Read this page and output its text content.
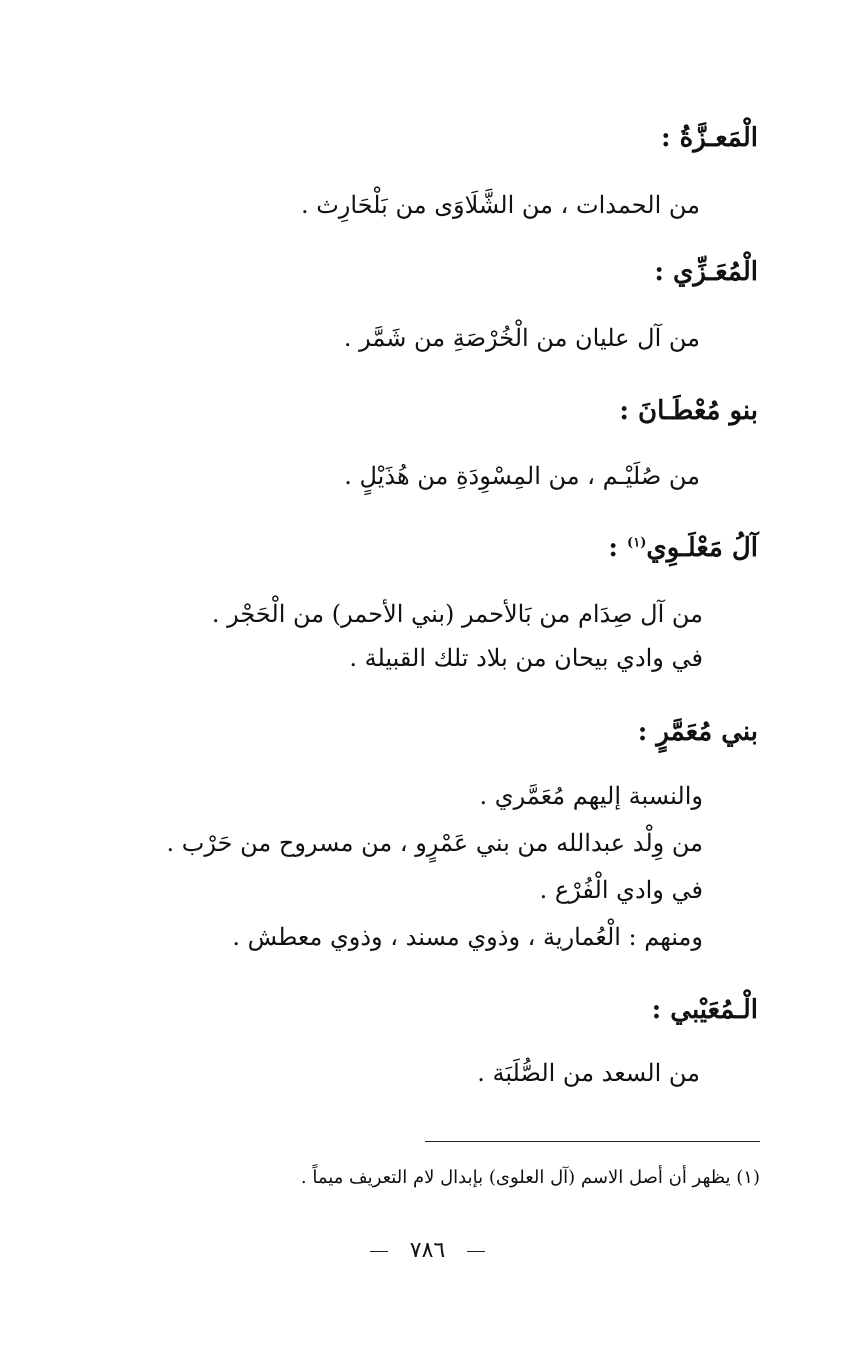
الْمَعـزَّةُ :
من الحمدات ، من الشَّلَاوَى من بَلْحَارِث .
الْمُعَـزِّي :
من آل عليان من الْخُرْصَةِ من شَمَّر .
بنو مُعْطَـانَ :
من صُلَيْـم ، من المِسْوِدَةِ من هُذَيْلٍ .
آلُ مَعْلَـوِي$^{(١)}$ :
من آل صِدَام من بَالأحمر (بني الأحمر) من الْحَجْر .
في وادي بيحان من بلاد تلك القبيلة .
بني مُعَمَّرٍ :
والنسبة إليهم مُعَمَّري .
من وِلْد عبدالله من بني عَمْرٍو ، من مسروح من حَرْب .
في وادي الْفُرْع .
ومنهم : الْعُمارية ، وذوي مسند ، وذوي معطش .
الْـمُعَيْبي :
من السعد من الصُّلَبَة .
(١) يظهر أن أصل الاسم (آل العلوى) بإبدال لام التعريف ميماً .
٧٨٦
